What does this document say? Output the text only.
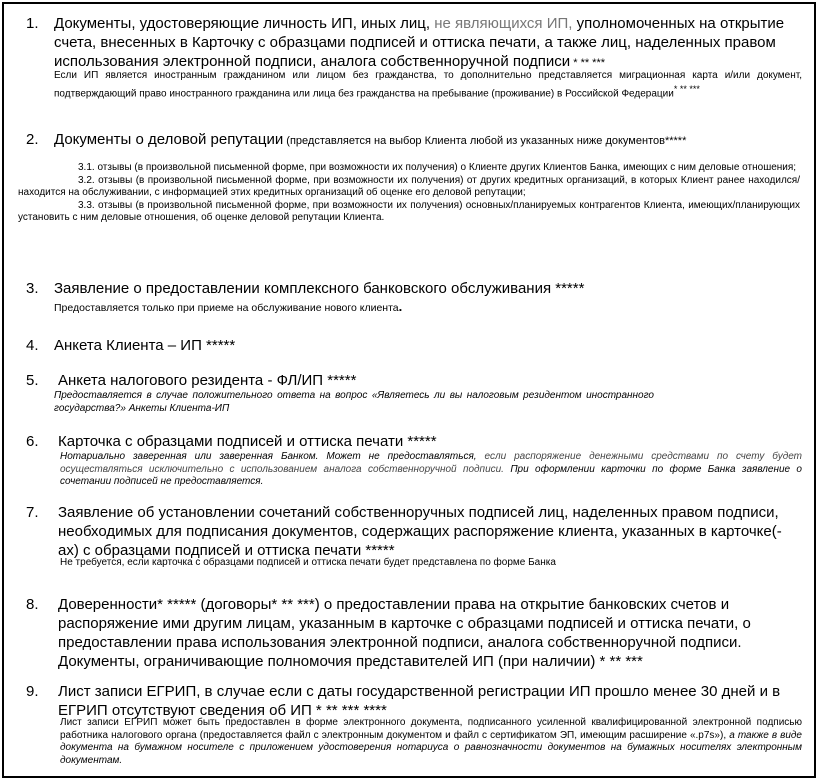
1. Документы, удостоверяющие личность ИП, иных лиц, не являющихся ИП, уполномоченных на открытие счета, внесенных в Карточку с образцами подписей и оттиска печати, а также лиц, наделенных правом использования электронной подписи, аналога собственноручной подписи * ** ***
Если ИП является иностранным гражданином или лицом без гражданства, то дополнительно представляется миграционная карта и/или документ, подтверждающий право иностранного гражданина или лица без гражданства на пребывание (проживание) в Российской Федерации* ** ***
2. Документы о деловой репутации (представляется на выбор Клиента любой из указанных ниже документов*****
3.1. отзывы (в произвольной письменной форме, при возможности их получения) о Клиенте других Клиентов Банка, имеющих с ним деловые отношения;
3.2. отзывы (в произвольной письменной форме, при возможности их получения) от других кредитных организаций, в которых Клиент ранее находился/находится на обслуживании, с информацией этих кредитных организаций об оценке его деловой репутации;
3.3. отзывы (в произвольной письменной форме, при возможности их получения) основных/планируемых контрагентов Клиента, имеющих/планирующих установить с ним деловые отношения, об оценке деловой репутации Клиента.
3. Заявление о предоставлении комплексного банковского обслуживания *****
Предоставляется только при приеме на обслуживание нового клиента.
4. Анкета Клиента – ИП *****
5. Анкета налогового резидента - ФЛ/ИП *****
Предоставляется в случае положительного ответа на вопрос «Являетесь ли вы налоговым резидентом иностранного государства?» Анкеты Клиента-ИП
6. Карточка с образцами подписей и оттиска печати *****
Нотариально заверенная или заверенная Банком. Может не предоставляться, если распоряжение денежными средствами по счету будет осуществляться исключительно с использованием аналога собственноручной подписи. При оформлении карточки по форме Банка заявление о сочетании подписей не предоставляется.
7. Заявление об установлении сочетаний собственноручных подписей лиц, наделенных правом подписи, необходимых для подписания документов, содержащих распоряжение клиента, указанных в карточке(-ах) с образцами подписей и оттиска печати *****
Не требуется, если карточка с образцами подписей и оттиска печати будет представлена по форме Банка
8. Доверенности* ***** (договоры* ** ***) о предоставлении права на открытие банковских счетов и распоряжение ими другим лицам, указанным в карточке с образцами подписей и оттиска печати, о предоставлении права использования электронной подписи, аналога собственноручной подписи. Документы, ограничивающие полномочия представителей ИП (при наличии) * ** ***
9. Лист записи ЕГРИП, в случае если с даты государственной регистрации ИП прошло менее 30 дней и в ЕГРИП отсутствуют сведения об ИП * ** *** ****
Лист записи ЕГРИП может быть предоставлен в форме электронного документа, подписанного усиленной квалифицированной электронной подписью работника налогового органа (предоставляется файл с электронным документом и файл с сертификатом ЭП, имеющим расширение «.p7s»), а также в виде документа на бумажном носителе с приложением удостоверения нотариуса о равнозначности документов на бумажных носителях электронным документам.
